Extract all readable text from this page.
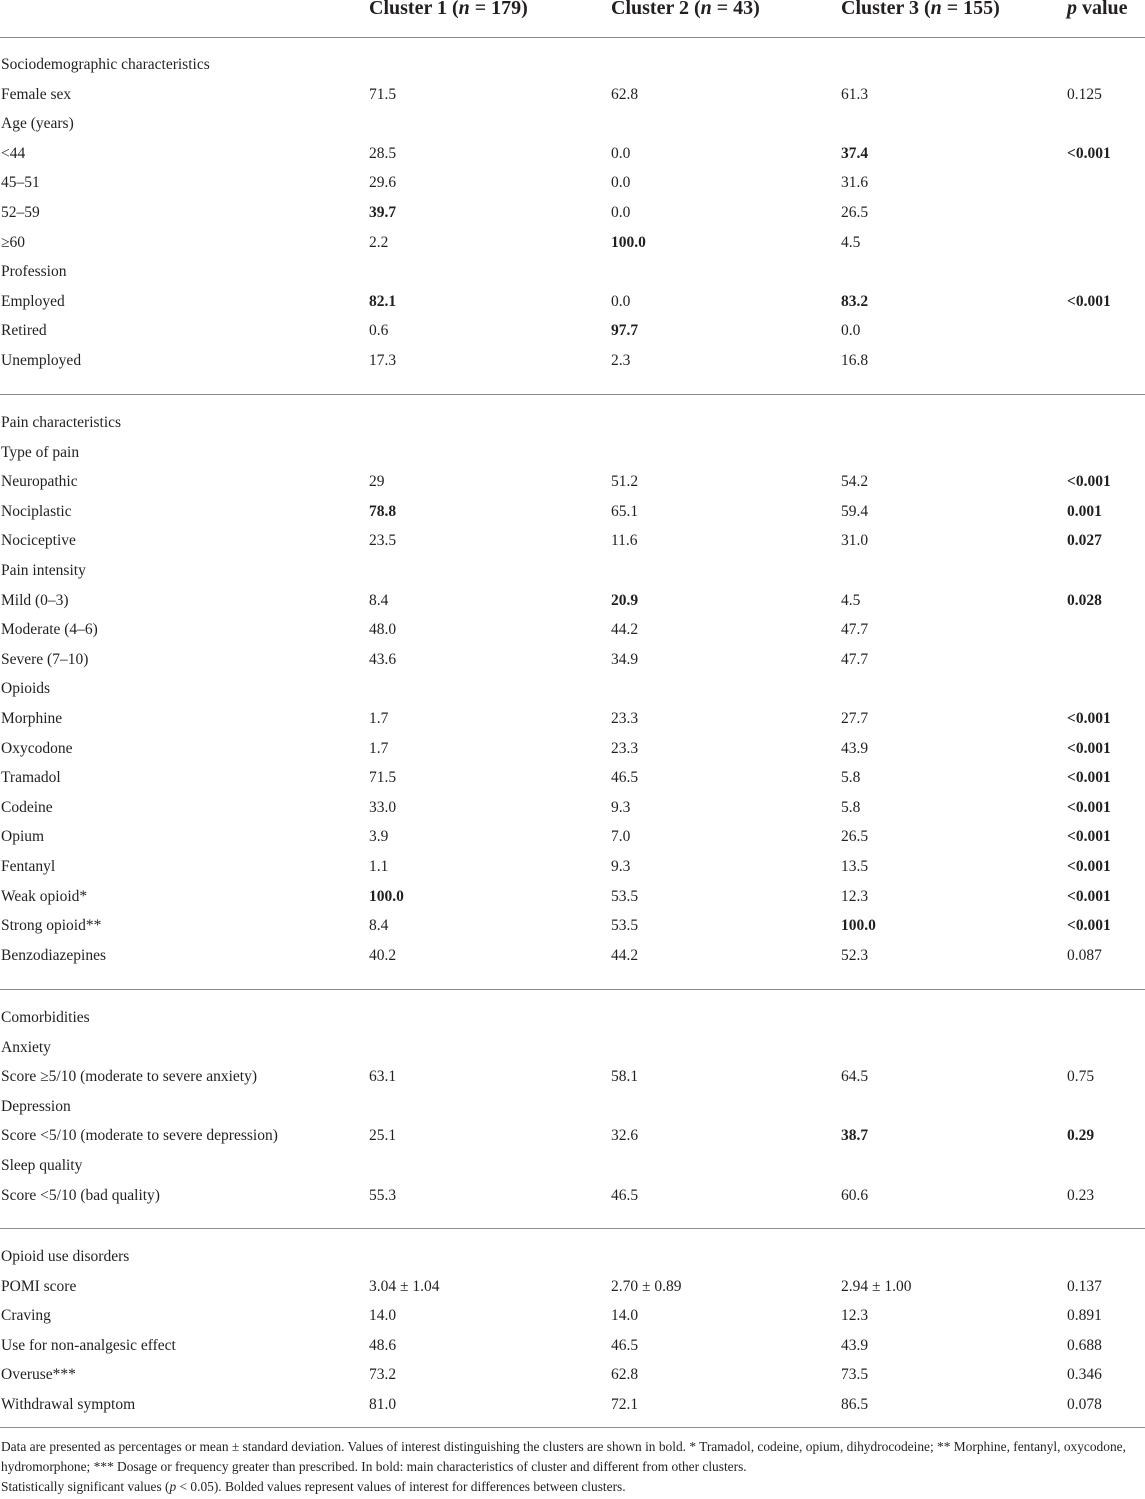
Cluster 1 (n = 179)	Cluster 2 (n = 43)	Cluster 3 (n = 155)	p value
Sociodemographic characteristics
Female sex	71.5	62.8	61.3	0.125
Age (years)
<44	28.5	0.0	37.4	<0.001
45–51	29.6	0.0	31.6
52–59	39.7	0.0	26.5
≥60	2.2	100.0	4.5
Profession
Employed	82.1	0.0	83.2	<0.001
Retired	0.6	97.7	0.0
Unemployed	17.3	2.3	16.8
Pain characteristics
Type of pain
Neuropathic	29	51.2	54.2	<0.001
Nociplastic	78.8	65.1	59.4	0.001
Nociceptive	23.5	11.6	31.0	0.027
Pain intensity
Mild (0–3)	8.4	20.9	4.5	0.028
Moderate (4–6)	48.0	44.2	47.7
Severe (7–10)	43.6	34.9	47.7
Opioids
Morphine	1.7	23.3	27.7	<0.001
Oxycodone	1.7	23.3	43.9	<0.001
Tramadol	71.5	46.5	5.8	<0.001
Codeine	33.0	9.3	5.8	<0.001
Opium	3.9	7.0	26.5	<0.001
Fentanyl	1.1	9.3	13.5	<0.001
Weak opioid*	100.0	53.5	12.3	<0.001
Strong opioid**	8.4	53.5	100.0	<0.001
Benzodiazepines	40.2	44.2	52.3	0.087
Comorbidities
Anxiety
Score ≥5/10 (moderate to severe anxiety)	63.1	58.1	64.5	0.75
Depression
Score <5/10 (moderate to severe depression)	25.1	32.6	38.7	0.29
Sleep quality
Score <5/10 (bad quality)	55.3	46.5	60.6	0.23
Opioid use disorders
POMI score	3.04 ± 1.04	2.70 ± 0.89	2.94 ± 1.00	0.137
Craving	14.0	14.0	12.3	0.891
Use for non-analgesic effect	48.6	46.5	43.9	0.688
Overuse***	73.2	62.8	73.5	0.346
Withdrawal symptom	81.0	72.1	86.5	0.078
Data are presented as percentages or mean ± standard deviation. Values of interest distinguishing the clusters are shown in bold. * Tramadol, codeine, opium, dihydrocodeine; ** Morphine, fentanyl, oxycodone, hydromorphone; *** Dosage or frequency greater than prescribed. In bold: main characteristics of cluster and different from other clusters.
Statistically significant values (p < 0.05). Bolded values represent values of interest for differences between clusters.
